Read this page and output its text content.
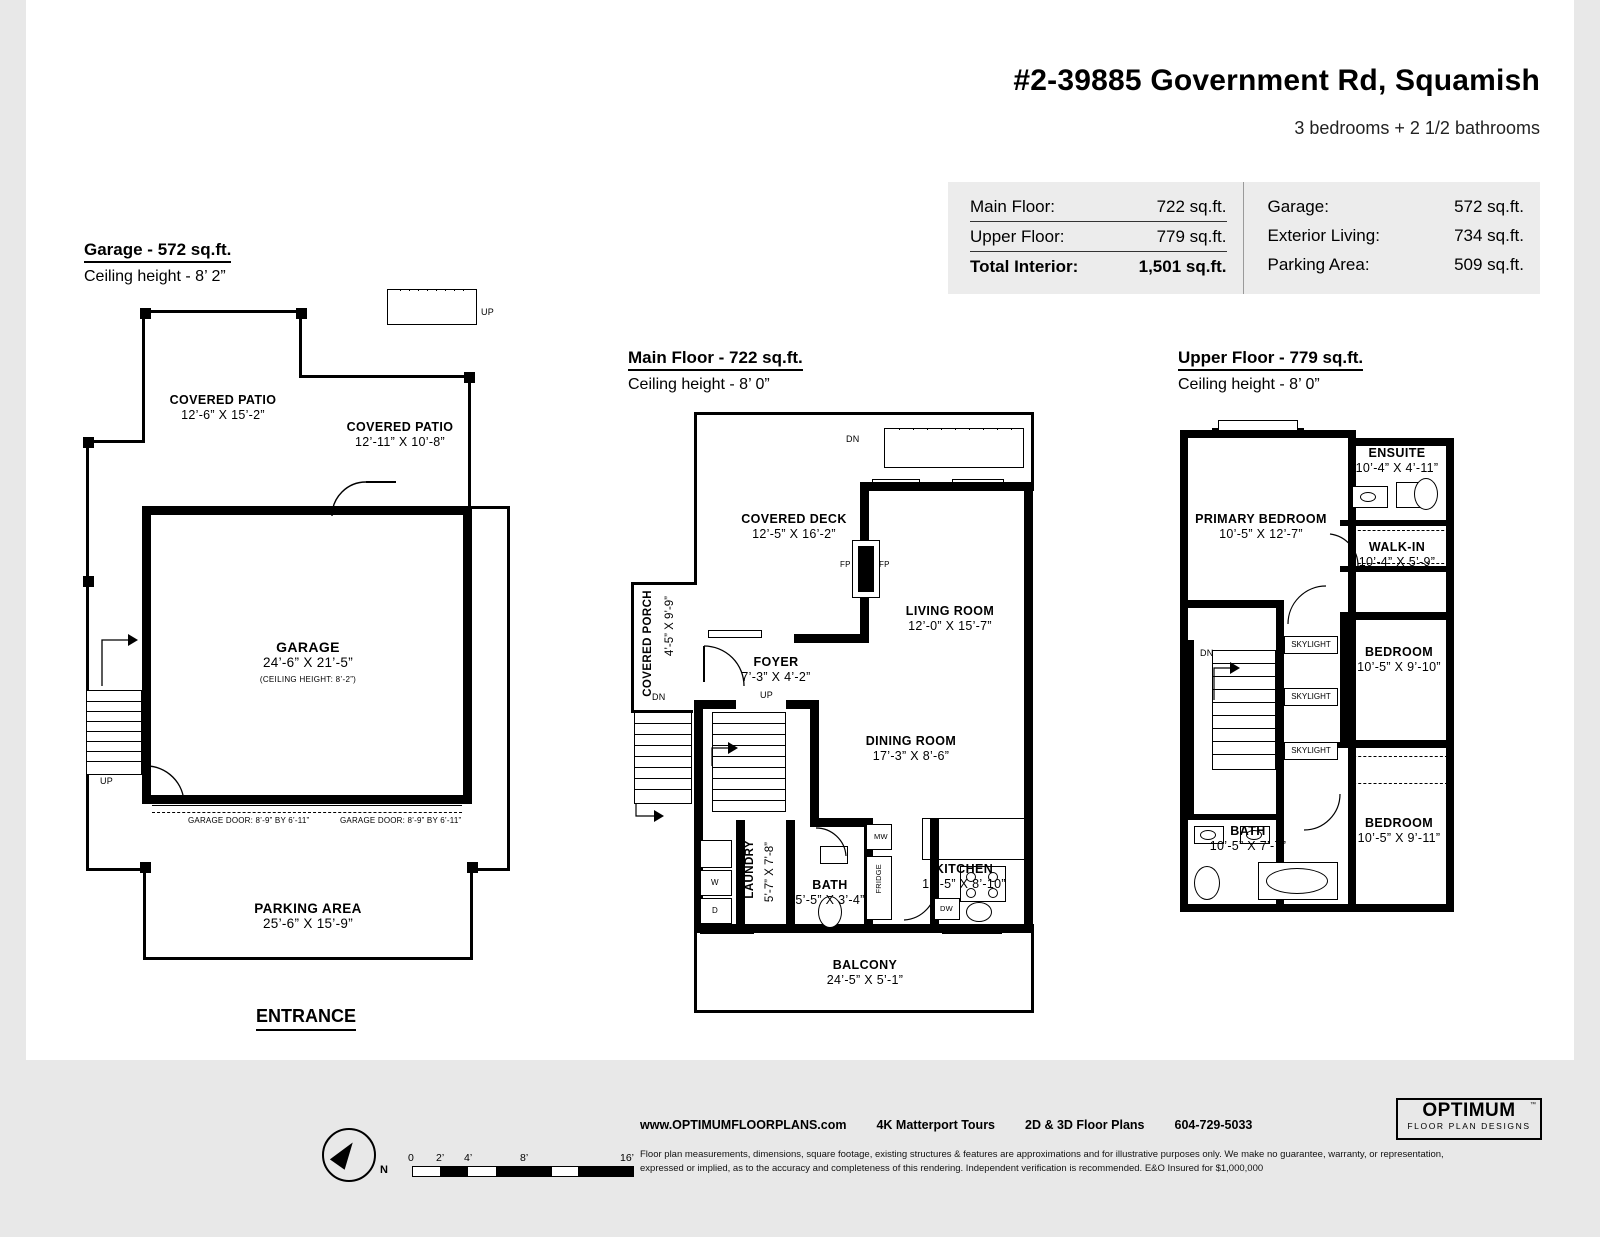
#2-39885 Government Rd, Squamish
3 bedrooms + 2 1/2 bathrooms
Main Floor:	722 sq.ft.
Upper Floor:	779 sq.ft.
Total Interior:	1,501 sq.ft.
Garage:	572 sq.ft.
Exterior Living:	734 sq.ft.
Parking Area:	509 sq.ft.
Garage - 572 sq.ft.
Ceiling height - 8’ 2”
UP
UP
COVERED PATIO
12’-6” X 15’-2”
COVERED PATIO
12’-11” X 10’-8”
GARAGE
24’-6” X 21’-5”
(CEILING HEIGHT: 8’-2”)
PARKING AREA
25’-6” X 15’-9”
GARAGE DOOR: 8’-9” BY 6’-11”	GARAGE DOOR: 8’-9” BY 6’-11”
ENTRANCE
Main Floor - 722 sq.ft.
Ceiling height - 8’ 0”
DN
FP	FP
DN	UP
W
D
MW
FRIDGE
DW
COVERED DECK
12’-5” X 16’-2”
COVERED PORCH 4’-5” X 9’-9”	LIVING ROOM
12’-0” X 15’-7”
FOYER
7’-3” X 4’-2”
DINING ROOM
17’-3” X 8’-6”
KITCHEN
12’-5” X 8’-10”
LAUNDRY 5’-7” X 7’-8”	BATH
5’-5” X 3’-4”
BALCONY
24’-5” X 5’-1”
Upper Floor - 779 sq.ft.
Ceiling height - 8’ 0”
DN
SKYLIGHT
SKYLIGHT
SKYLIGHT
PRIMARY BEDROOM
10’-5” X 12’-7”
ENSUITE
10’-4” X 4’-11”
WALK-IN
10’-4” X 5’-9”
BEDROOM
10’-5” X 9’-10”
BEDROOM
10’-5” X 9’-11”
BATH
10’-5” X 7’-7”
N
0 2’ 4’	8’	16’
www.OPTIMUMFLOORPLANS.com 4K Matterport Tours 2D & 3D Floor Plans 604-729-5033
Floor plan measurements, dimensions, square footage, existing structures & features are approximations and for illustrative purposes only. We make no guarantee, warranty, or representation,
expressed or implied, as to the accuracy and completeness of this rendering. Independent verification is recommended. E&O Insured for $1,000,000
™
OPTIMUM
FLOOR PLAN DESIGNS
